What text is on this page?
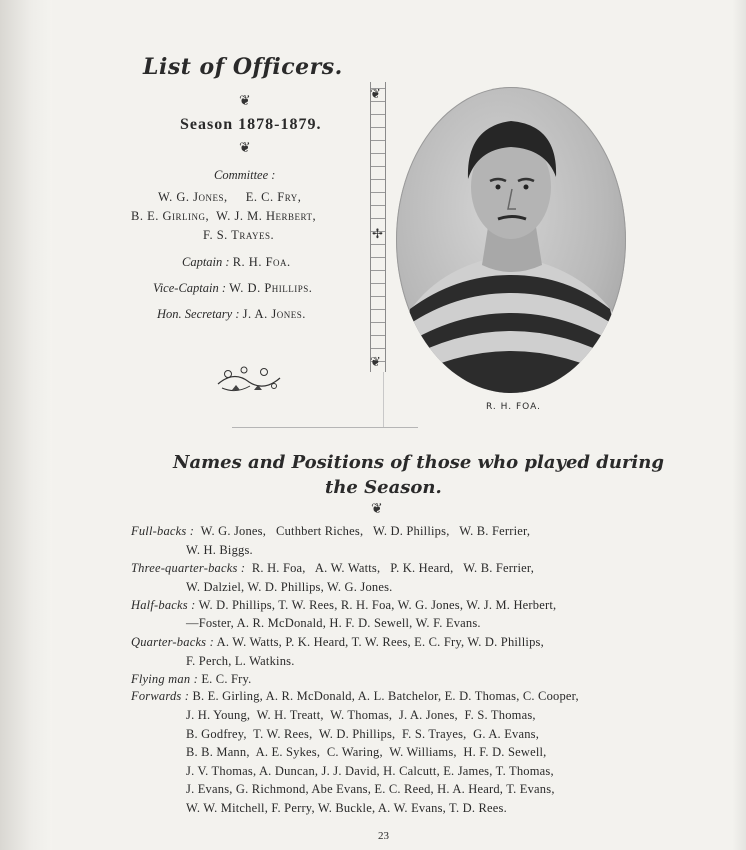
List of Officers.
❦
Season 1878-1879.
❦
Committee :
W. G. Jones,     E. C. Fry,
B. E. Girling,  W. J. M. Herbert,
F. S. Trayes.
Captain : R. H. Foa.
Vice-Captain : W. D. Phillips.
Hon. Secretary : J. A. Jones.
❦
✢
❦
R. H. FOA.
Names and Positions of those who played during
the Season.
❦
Full-backs : W. G. Jones,   Cuthbert Riches,   W. D. Phillips,   W. B. Ferrier,
W. H. Biggs.
Three-quarter-backs : R. H. Foa,   A. W. Watts,   P. K. Heard,   W. B. Ferrier,
W. Dalziel, W. D. Phillips, W. G. Jones.
Half-backs : W. D. Phillips, T. W. Rees, R. H. Foa, W. G. Jones, W. J. M. Herbert,
—Foster, A. R. McDonald, H. F. D. Sewell, W. F. Evans.
Quarter-backs : A. W. Watts, P. K. Heard, T. W. Rees, E. C. Fry, W. D. Phillips,
F. Perch, L. Watkins.
Flying man : E. C. Fry.
Forwards : B. E. Girling, A. R. McDonald, A. L. Batchelor, E. D. Thomas, C. Cooper,
J. H. Young,  W. H. Treatt,  W. Thomas,  J. A. Jones,  F. S. Thomas,
B. Godfrey,  T. W. Rees,  W. D. Phillips,  F. S. Trayes,  G. A. Evans,
B. B. Mann,  A. E. Sykes,  C. Waring,  W. Williams,  H. F. D. Sewell,
J. V. Thomas, A. Duncan, J. J. David, H. Calcutt, E. James, T. Thomas,
J. Evans, G. Richmond, Abe Evans, E. C. Reed, H. A. Heard, T. Evans,
W. W. Mitchell, F. Perry, W. Buckle, A. W. Evans, T. D. Rees.
23
